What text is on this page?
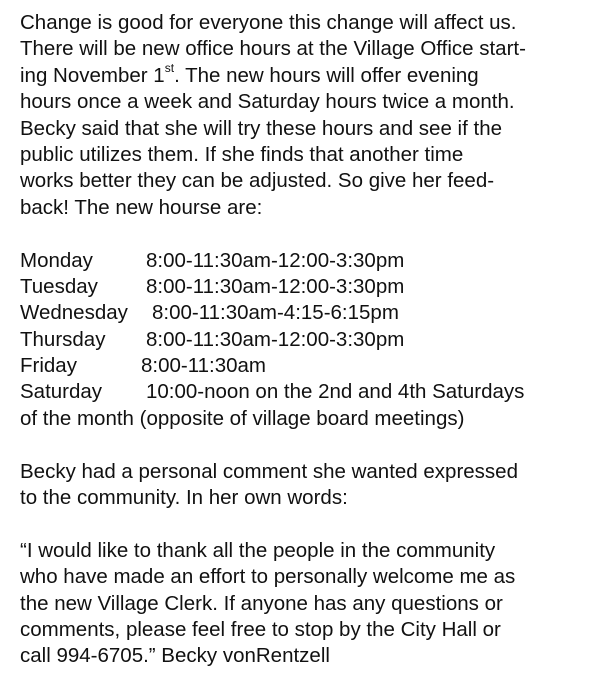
Change is good for everyone this change will affect us.
There will be new office hours at the Village Office start-
ing November 1st. The new hours will offer evening
hours once a week and Saturday hours twice a month.
Becky said that she will try these hours and see if the
public utilizes them. If she finds that another time
works better they can be adjusted. So give her feed-
back! The new hourse are:
Monday	8:00-11:30am-12:00-3:30pm
Tuesday 8:00-11:30am-12:00-3:30pm
Wednesday 8:00-11:30am-4:15-6:15pm
Thursday 8:00-11:30am-12:00-3:30pm
Friday	8:00-11:30am
Saturday 10:00-noon on the 2nd and 4th Saturdays
of the month (opposite of village board meetings)
Becky had a personal comment she wanted expressed
to the community. In her own words:
“I would like to thank all the people in the community
who have made an effort to personally welcome me as
the new Village Clerk. If anyone has any questions or
comments, please feel free to stop by the City Hall or
call 994-6705.” Becky vonRentzell
